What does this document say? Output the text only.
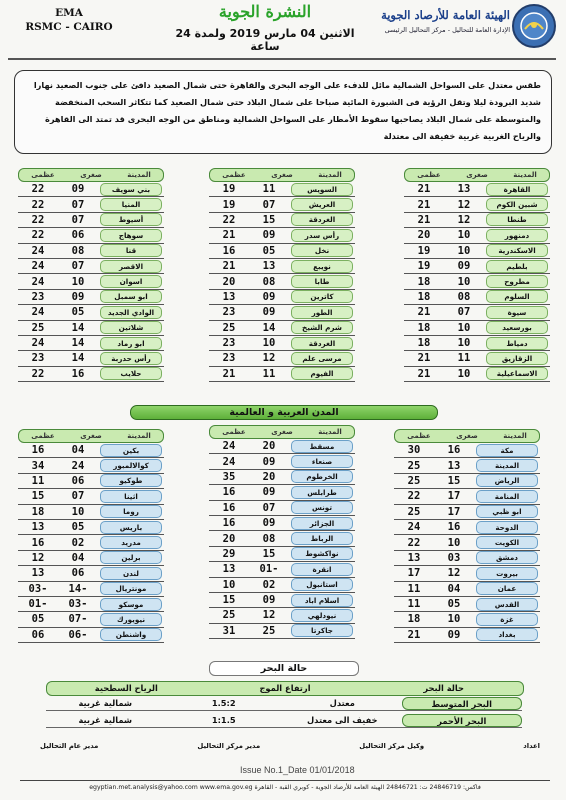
EMA
RSMC - CAIRO
النشرة الجوية
الاثنين 04 مارس 2019 ولمدة 24 ساعة
الهيئة العامة للأرصاد الجوية
الإدارة العامة للتحاليل - مركز التحاليل الرئيسى
طقس معتدل على السواحل الشمالية مائل للدفء على الوجه البحرى والقاهرة حتى شمال الصعيد دافئ على جنوب الصعيد نهارا شديد البرودة ليلا وتقل الرؤية فى الشبورة المائية صباحا على شمال البلاد حتى شمال الصعيد كما تتكاثر السحب المنخفضة والمتوسطة على شمال البلاد يصاحبها سقوط الأمطار على السواحل الشمالية ومناطق من الوجه البحرى قد تمتد الى القاهرة والرياح الغربية غربية خفيفة الى معتدلة
عظمى	صغرى	المدينة
21	13	القاهرة
21	12	شبين الكوم
21	12	طنطا
20	10	دمنهور
19	10	الاسكندرية
19	09	بلطيم
18	10	مطروح
18	08	السلوم
21	07	سيوة
18	10	بورسعيد
18	10	دمياط
21	11	الزقازيق
21	10	الاسماعيلية
عظمى	صغرى	المدينة
19	11	السويس
19	07	العريش
22	15	الغردقة
21	09	رأس سدر
16	05	نخل
21	13	نويبع
20	08	طابا
13	09	كاترين
23	09	الطور
25	14	شرم الشيخ
23	10	الغردقة
23	12	مرسى علم
21	11	الفيوم
عظمى	صغرى	المدينة
22	09	بني سويف
22	07	المنيا
22	07	أسيوط
22	06	سوهاج
24	08	قنا
24	07	الاقصر
24	10	اسوان
23	09	ابو سمبل
24	05	الوادي الجديد
25	14	شلاتين
24	14	ابو رماد
23	14	رأس حدربة
22	16	حلايب
المدن العربية و العالمية
عظمى	صغرى	المدينة
30	16	مكة
25	13	المدينة
25	15	الرياض
22	17	المنامة
25	17	ابو ظبي
24	16	الدوحة
22	10	الكويت
13	03	دمشق
17	12	بيروت
11	04	عمان
11	05	القدس
18	10	غزة
21	09	بغداد
عظمى	صغرى	المدينة
24	20	مسقط
24	09	صنعاء
35	20	الخرطوم
16	09	طرابلس
16	07	تونس
16	09	الجزائر
20	08	الرباط
29	15	نواكشوط
13	01-	انقرة
10	02	استانبول
15	09	اسلام اباد
25	12	نيودلهي
31	25	جاكرتا
عظمى	صغرى	المدينة
16	04	بكين
34	24	كوالالمبور
11	06	طوكيو
15	07	اثينا
18	10	روما
13	05	باريس
16	02	مدريد
12	04	برلين
13	06	لندن
03-	14-	مونتريال
01-	03-	موسكو
05	07-	نيويورك
06	06-	واشنطن
حالة البحر
الرياح السطحية	ارتفاع الموج	حالة البحر
شمالية غربية	1.5:2	معتدل	البحر المتوسط
شمالية غربية	1:1.5	خفيف الى معتدل	البحر الأحمر
مدير عام التحاليل	مدير مركز التحاليل	وكيل مركز التحاليل	اعداد
Issue No.1_Date 01/01/2018
egyptian.met.analysis@yahoo.com www.ema.gov.eg فاكس: 24846719 ت: 24846721 الهيئة العامة للأرصاد الجوية - كوبري القبة - القاهرة
